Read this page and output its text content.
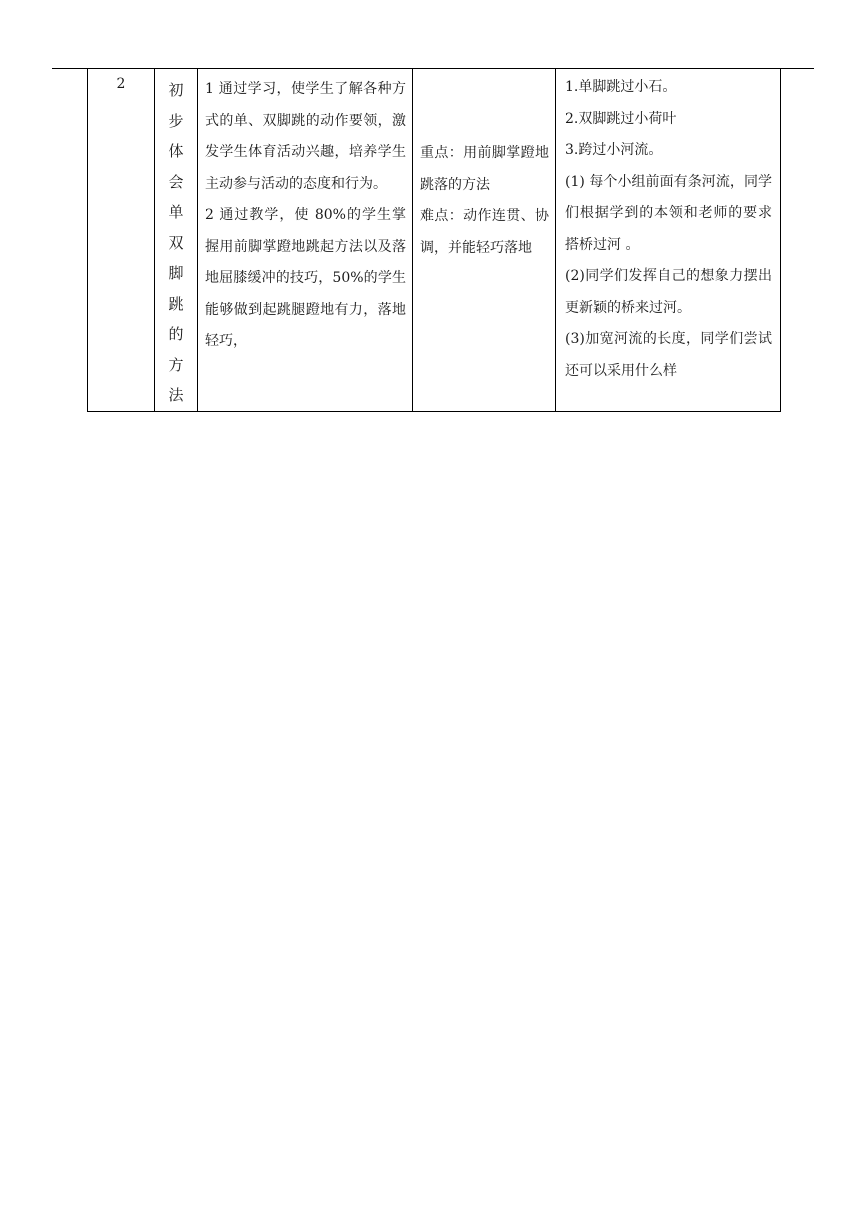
2	初步体会单双脚跳的方法

1 通过学习，使学生了解各种方式的单、双脚跳的动作要领，激发学生体育活动兴趣，培养学生主动参与活动的态度和行为。
2 通过教学，使 80%的学生掌握用前脚掌蹬地跳起方法以及落地屈膝缓冲的技巧，50%的学生能够做到起跳腿蹬地有力，落地轻巧，

重点：用前脚掌蹬地跳落的方法
难点：动作连贯、协调，并能轻巧落地

1.单脚跳过小石。
2.双脚跳过小荷叶
3.跨过小河流。
(1) 每个小组前面有条河流，同学们根据学到的本领和老师的要求搭桥过河 。
(2)同学们发挥自己的想象力摆出更新颖的桥来过河。
(3)加宽河流的长度，同学们尝试还可以采用什么样
